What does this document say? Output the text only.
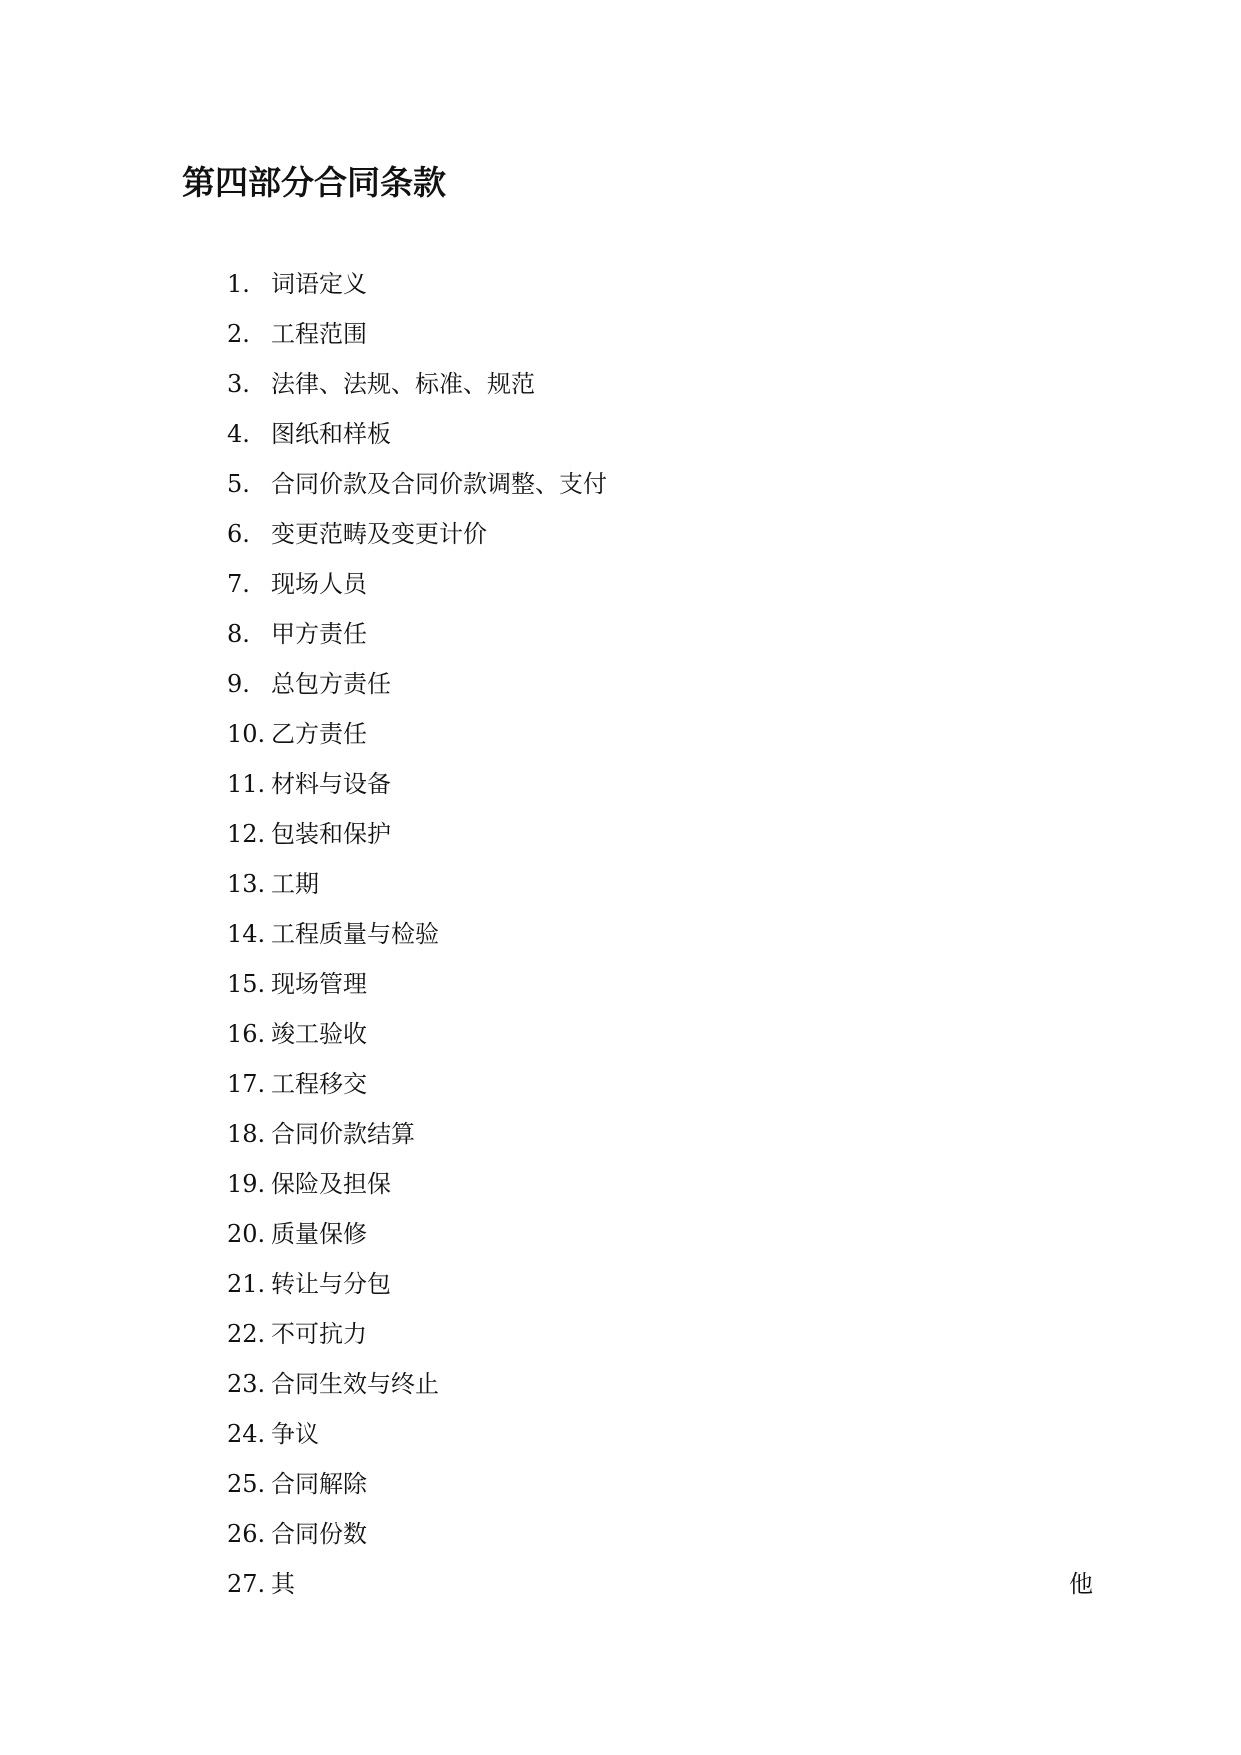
第四部分合同条款
1. 词语定义
2. 工程范围
3. 法律、法规、标准、规范
4. 图纸和样板
5. 合同价款及合同价款调整、支付
6. 变更范畴及变更计价
7. 现场人员
8. 甲方责任
9. 总包方责任
10. 乙方责任
11. 材料与设备
12. 包装和保护
13. 工期
14. 工程质量与检验
15. 现场管理
16. 竣工验收
17. 工程移交
18. 合同价款结算
19. 保险及担保
20. 质量保修
21. 转让与分包
22. 不可抗力
23. 合同生效与终止
24. 争议
25. 合同解除
26. 合同份数
27. 其	他
